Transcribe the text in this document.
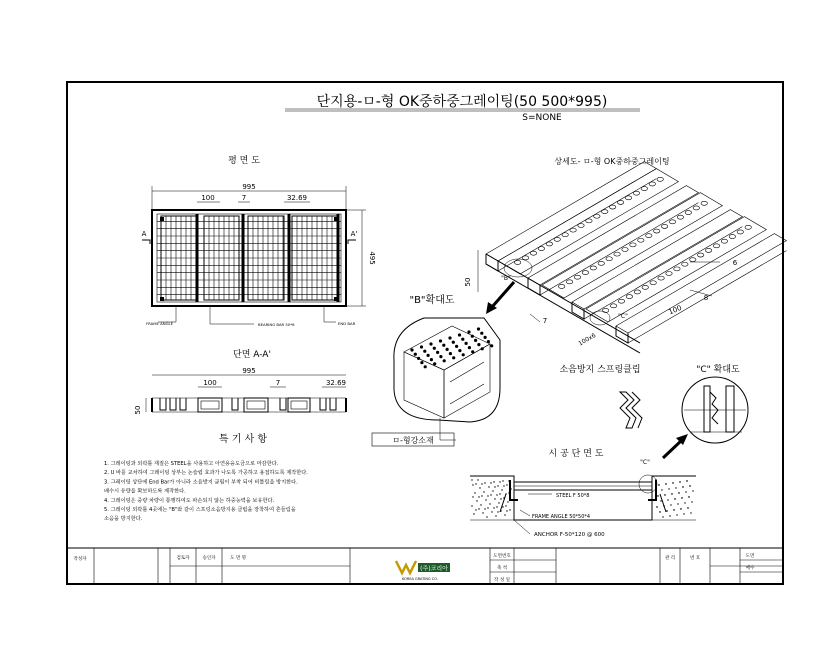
단지용-ㅁ-형 OK중하중그레이팅(50 500*995)
S=NONE
평 면 도
995
100	7	32.69
495
A	A'
FRAME ANGLE	BEARING BAR 50*6	END BAR
단면 A-A'
995
100	7	32.69
50
특 기 사 항
1. 그레이팅과 외곽틀 재질은 STEEL을 사용하고 아연용융도금으로 마감한다.
2. U 바를 교차하여 그레이팅 상부는 논슬립 효과가 나도록 가공하고 용접하도록 제작한다.
3. 그레이팅 상단에 End Bar가 아니라 소음방지 클립이 부착 되어 비틀림을 방지한다.
배수시 유량을 확보하도록 제작한다.
4. 그레이팅은 중량 차량이 통행하여도 파손되지 않는 하중능력을 보유한다.
5. 그레이팅 외곽틀 4곳에는 "B"와 같이 스프링소음방지용 클립을 장착하여 흔들림을
소음을 방지한다.
상세도- ㅁ-형 OK중하중그레이팅
50
6
8
7
100
100x6
"B"
"C"
"B"확대도
ㅁ-형강소재
소음방지 스프링클립	"C" 확대도
시 공 단 면 도
"C"
STEEL F 50*8
FRAME ANGLE 50*50*4
ANCHOR F-50*120 @ 600
작성자	검토자	승인자	도 면 명	도면번호
축 척
작 성 일
(주)코리아
KOREA GRATING CO.
관 리	번 호	도면
매수
